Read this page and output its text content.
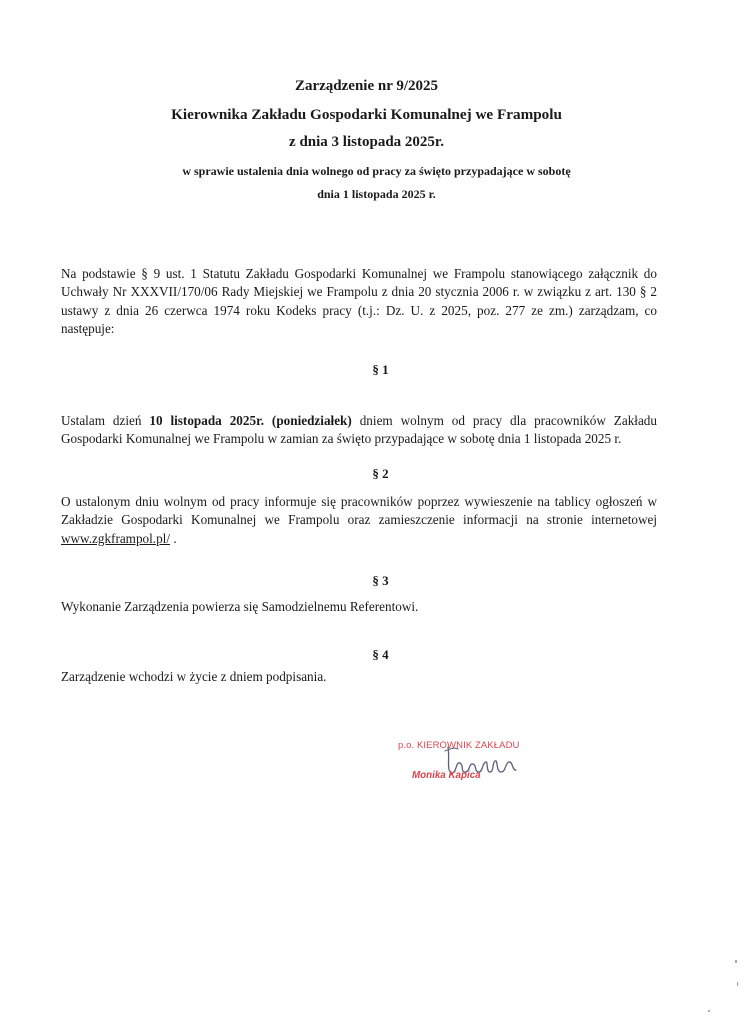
Zarządzenie nr 9/2025

Kierownika Zakładu Gospodarki Komunalnej we Frampolu

z dnia 3 listopada 2025r.

w sprawie ustalenia dnia wolnego od pracy za święto przypadające w sobotę

dnia 1 listopada 2025 r.

Na podstawie § 9 ust. 1 Statutu Zakładu Gospodarki Komunalnej we Frampolu stanowiącego załącznik do Uchwały Nr XXXVII/170/06 Rady Miejskiej we Frampolu z dnia 20 stycznia 2006 r. w związku z art. 130 § 2 ustawy z dnia 26 czerwca 1974 roku Kodeks pracy (t.j.: Dz. U. z 2025, poz. 277 ze zm.) zarządzam, co następuje:

§ 1

Ustalam dzień 10 listopada 2025r. (poniedziałek) dniem wolnym od pracy dla pracowników Zakładu Gospodarki Komunalnej we Frampolu w zamian za święto przypadające w sobotę dnia 1 listopada 2025 r.

§ 2

O ustalonym dniu wolnym od pracy informuje się pracowników poprzez wywieszenie na tablicy ogłoszeń w Zakładzie Gospodarki Komunalnej we Frampolu oraz zamieszczenie informacji na stronie internetowej www.zgkframpol.pl/ .

§ 3

Wykonanie Zarządzenia powierza się Samodzielnemu Referentowi.

§ 4

Zarządzenie wchodzi w życie z dniem podpisania.

p.o. KIEROWNIK ZAKŁADU
Monika Kapica
